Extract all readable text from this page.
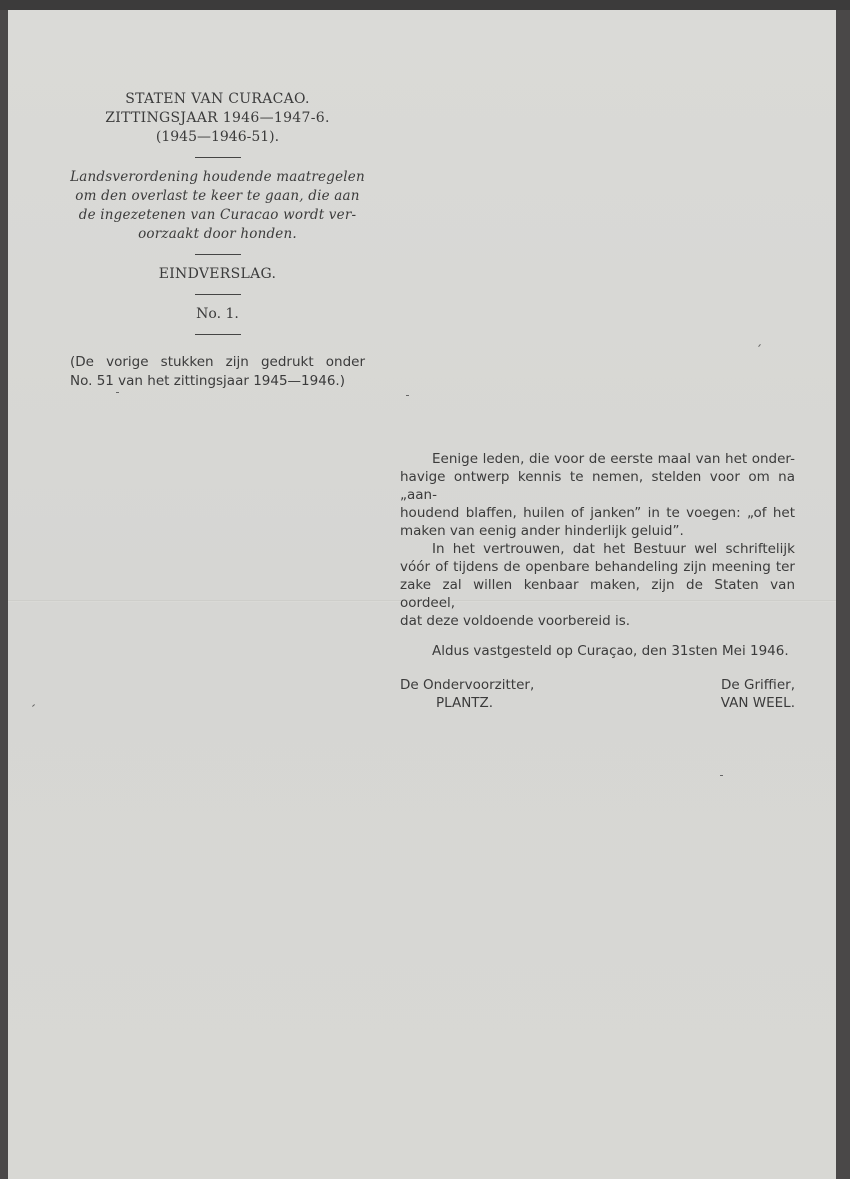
STATEN VAN CURACAO.
ZITTINGSJAAR 1946—1947-6.
(1945—1946-51).
Landsverordening houdende maatregelen
om den overlast te keer te gaan, die aan
de ingezetenen van Curacao wordt ver-
oorzaakt door honden.
EINDVERSLAG.
No. 1.
(De vorige stukken zijn gedrukt onder
No. 51 van het zittingsjaar 1945—1946.)
Eenige leden, die voor de eerste maal van het onder-
havige ontwerp kennis te nemen, stelden voor om na „aan-
houdend blaffen, huilen of janken” in te voegen: „of het
maken van eenig ander hinderlijk geluid”.
In het vertrouwen, dat het Bestuur wel schriftelijk
vóór of tijdens de openbare behandeling zijn meening ter
zake zal willen kenbaar maken, zijn de Staten van oordeel,
dat deze voldoende voorbereid is.
Aldus vastgesteld op Curaçao, den 31sten Mei 1946.
De Ondervoorzitter,
PLANTZ.
De Griffier,
VAN WEEL.
